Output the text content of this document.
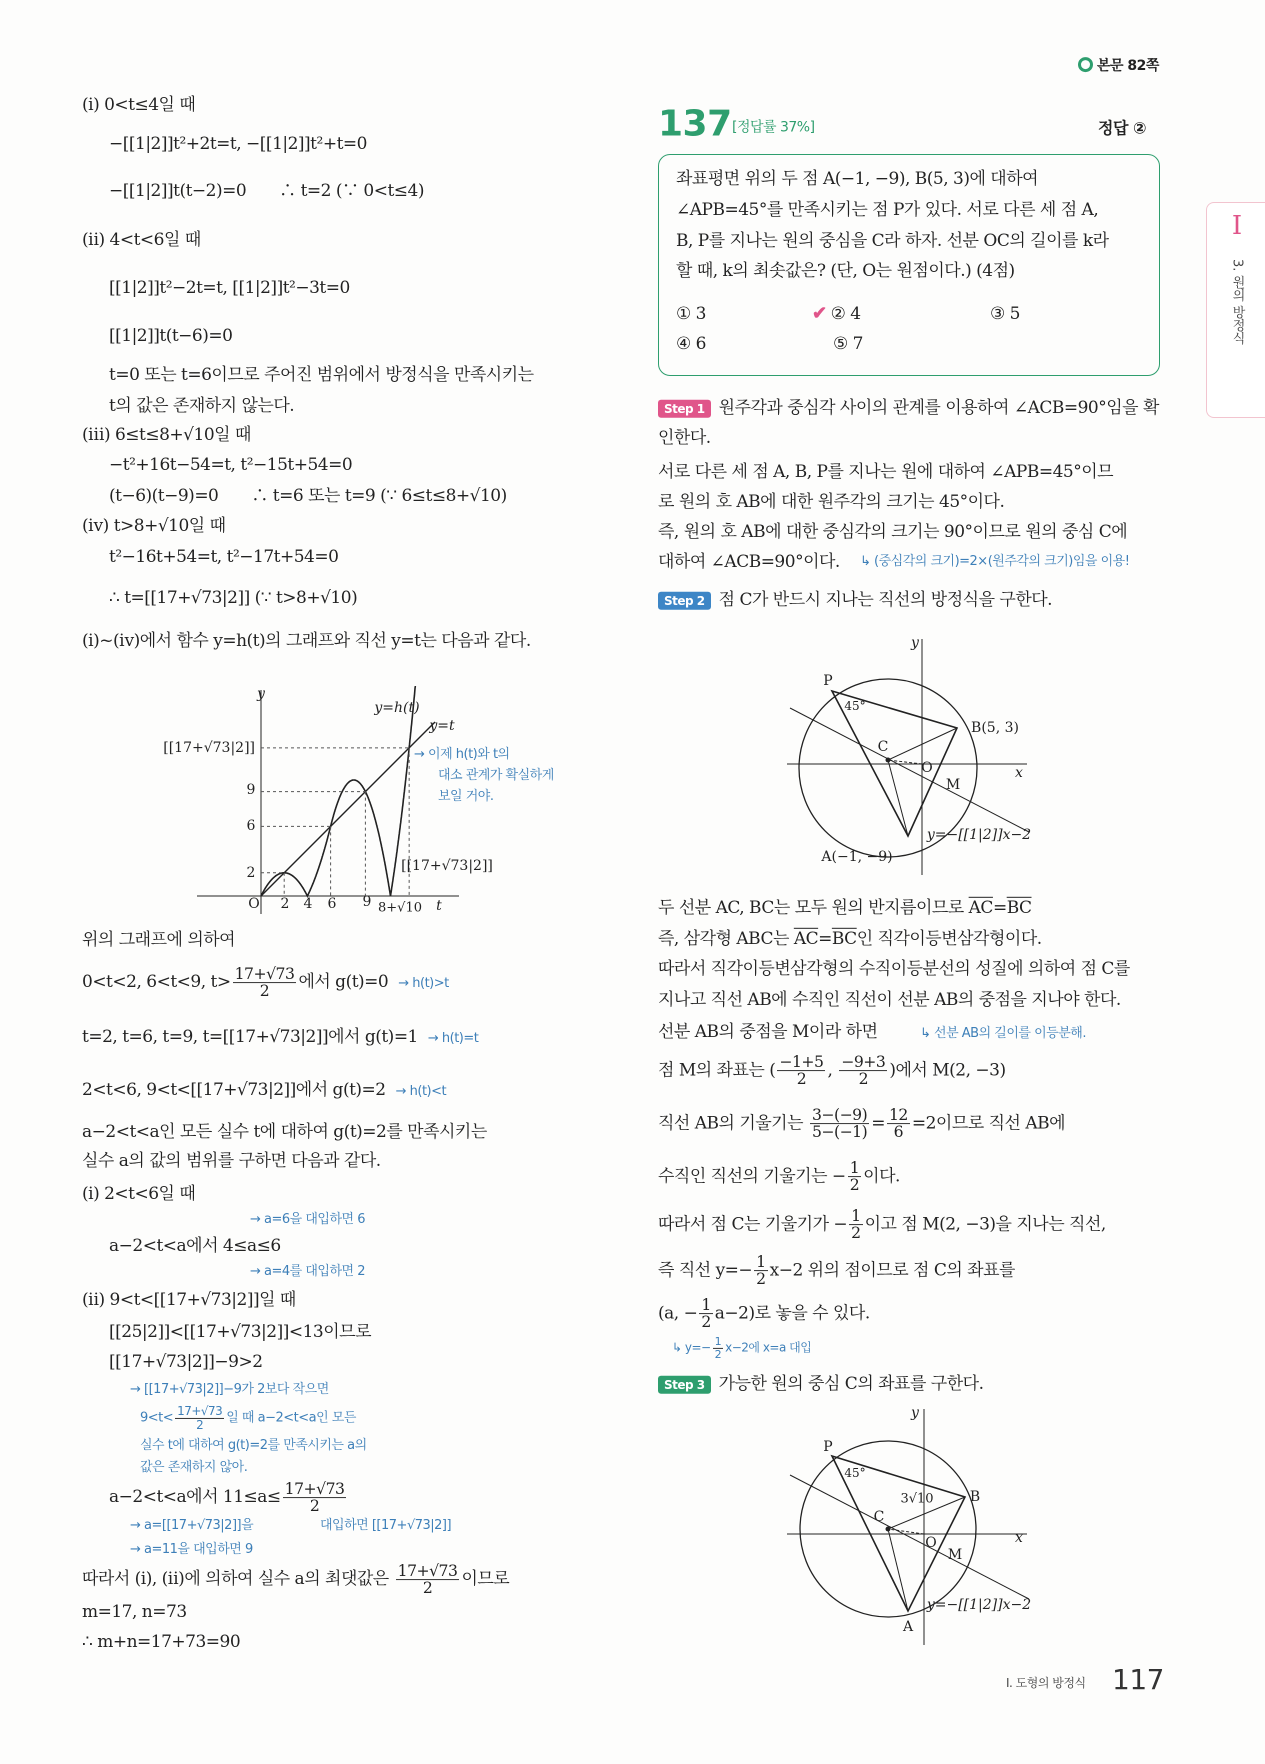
본문 82쪽
Ⅰ
3. 원의 방정식
(ⅰ) 0<t≤4일 때
−[[1|2]]t²+2t=t, −[[1|2]]t²+t=0
−[[1|2]]t(t−2)=0　　∴ t=2 (∵ 0<t≤4)
(ⅱ) 4<t<6일 때
[[1|2]]t²−2t=t, [[1|2]]t²−3t=0
[[1|2]]t(t−6)=0
t=0 또는 t=6이므로 주어진 범위에서 방정식을 만족시키는
t의 값은 존재하지 않는다.
(ⅲ) 6≤t≤8+√10일 때
−t²+16t−54=t, t²−15t+54=0
(t−6)(t−9)=0　　∴ t=6 또는 t=9 (∵ 6≤t≤8+√10)
(ⅳ) t>8+√10일 때
t²−16t+54=t, t²−17t+54=0
∴ t=[[17+√73|2]] (∵ t>8+√10)
(ⅰ)~(ⅳ)에서 함수 y=h(t)의 그래프와 직선 y=t는 다음과 같다.
위의 그래프에 의하여
0<t<2, 6<t<9, $t> \frac{17+√73}{2}$ 에서 g(t)=0 → h(t)>t
t=2, t=6, t=9, t=[[17+√73|2]]에서 g(t)=1 → h(t)=t
2<t<6, 9<t<[[17+√73|2]]에서 g(t)=2 → h(t)<t
a−2<t<a인 모든 실수 t에 대하여 g(t)=2를 만족시키는
실수 a의 값의 범위를 구하면 다음과 같다.
(ⅰ) 2<t<6일 때
a−2<t<a에서 4≤a≤6
(ⅱ) 9<t<[[17+√73|2]]일 때
[[25|2]]<[[17+√73|2]]<13이므로
[[17+√73|2]]−9>2
a−2<t<a에서 $11\le a\le \frac{17+√73}{2}$
따라서 (ⅰ), (ⅱ)에 의하여 실수 a의 최댓값은 $\frac{17+√73}{2}$ 이므로
m=17, n=73
∴ m+n=17+73=90
→ a=6을 대입하면 6
→ a=4를 대입하면 2
→ [[17+√73|2]]−9가 2보다 작으면
$9<t< \frac{17+√73}{2}$ 일 때 a−2<t<a인 모든
실수 t에 대하여 g(t)=2를 만족시키는 a의
값은 존재하지 않아.
→ a=[[17+√73|2]]을	대입하면 [[17+√73|2]]
→ a=11을 대입하면 9
y
t
O
y=h(t)
y=t
[[17+√73|2]]
9
6
2
2 4 6 9 8+√10
[[17+√73|2]]
→ 이제 h(t)와 t의
대소 관계가 확실하게
보일 거야.
137 [정답률 37%]	정답 ②
좌표평면 위의 두 점 A(−1, −9), B(5, 3)에 대하여
∠APB=45°를 만족시키는 점 P가 있다. 서로 다른 세 점 A,
B, P를 지나는 원의 중심을 C라 하자. 선분 OC의 길이를 k라
할 때, k의 최솟값은? (단, O는 원점이다.) (4점)
① 3	✔ ② 4	③ 5
④ 6	⑤ 7
Step 1 원주각과 중심각 사이의 관계를 이용하여 ∠ACB=90°임을 확
인한다.
서로 다른 세 점 A, B, P를 지나는 원에 대하여 ∠APB=45°이므
로 원의 호 AB에 대한 원주각의 크기는 45°이다.
즉, 원의 호 AB에 대한 중심각의 크기는 90°이므로 원의 중심 C에
대하여 ∠ACB=90°이다. ↳ (중심각의 크기)=2×(원주각의 크기)임을 이용!
Step 2 점 C가 반드시 지나는 직선의 방정식을 구한다.
y
x
O
P
45°
B(5, 3)
C
M
A(−1, −9)
y=−[[1|2]]x−2
두 선분 AC, BC는 모두 원의 반지름이므로 $\overline{AC}=\overline{BC}$
즉, 삼각형 ABC는 $\overline{AC}=\overline{BC}$인 직각이등변삼각형이다.
따라서 직각이등변삼각형의 수직이등분선의 성질에 의하여 점 C를
지나고 직선 AB에 수직인 직선이 선분 AB의 중점을 지나야 한다.
선분 AB의 중점을 M이라 하면	↳ 선분 AB의 길이를 이등분해.
점 M의 좌표는 ( $\frac{-1+5}{2}$ , $\frac{-9+3}{2}$ )에서 M(2, −3)
직선 AB의 기울기는 $\frac{3-(-9)}{5-(-1)} = \frac{12}{6} =2$이므로 직선 AB에
수직인 직선의 기울기는 − $\frac{1}{2}$ 이다.
따라서 점 C는 기울기가 − $\frac{1}{2}$ 이고 점 M(2, −3)을 지나는 직선,
즉 직선 $y=- \frac{1}{2} x-2$ 위의 점이므로 점 C의 좌표를
(a, − $\frac{1}{2} a-2$)로 놓을 수 있다.
↳ $y=- \frac{1}{2} x-2$에 x=a 대입
Step 3 가능한 원의 중심 C의 좌표를 구한다.
y
x
O
P
45°
B
C
M
A
3√10
y=−[[1|2]]x−2
Ⅰ. 도형의 방정식 117
